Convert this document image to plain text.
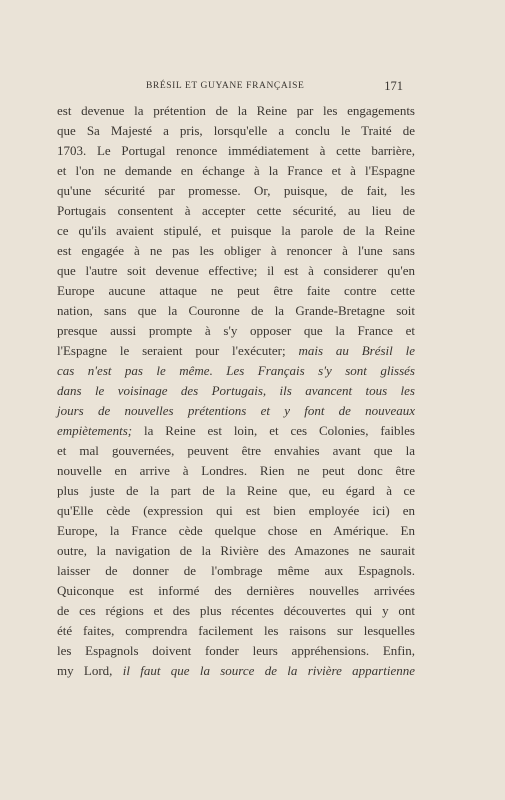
BRÉSIL ET GUYANE FRANÇAISE	171
est devenue la prétention de la Reine par les engagements
que Sa Majesté a pris, lorsqu'elle a conclu le Traité de
1703. Le Portugal renonce immédiatement à cette barrière,
et l'on ne demande en échange à la France et à l'Espagne
qu'une sécurité par promesse. Or, puisque, de fait, les
Portugais consentent à accepter cette sécurité, au lieu de
ce qu'ils avaient stipulé, et puisque la parole de la Reine
est engagée à ne pas les obliger à renoncer à l'une sans
que l'autre soit devenue effective; il est à considerer qu'en
Europe aucune attaque ne peut être faite contre cette
nation, sans que la Couronne de la Grande-Bretagne soit
presque aussi prompte à s'y opposer que la France et
l'Espagne le seraient pour l'exécuter; mais au Brésil le
cas n'est pas le même. Les Français s'y sont glissés
dans le voisinage des Portugais, ils avancent tous les
jours de nouvelles prétentions et y font de nouveaux
empiètements; la Reine est loin, et ces Colonies, faibles
et mal gouvernées, peuvent être envahies avant que la
nouvelle en arrive à Londres. Rien ne peut donc être
plus juste de la part de la Reine que, eu égard à ce
qu'Elle cède (expression qui est bien employée ici) en
Europe, la France cède quelque chose en Amérique. En
outre, la navigation de la Rivière des Amazones ne saurait
laisser de donner de l'ombrage même aux Espagnols.
Quiconque est informé des dernières nouvelles arrivées
de ces régions et des plus récentes découvertes qui y ont
été faites, comprendra facilement les raisons sur lesquelles
les Espagnols doivent fonder leurs appréhensions. Enfin,
my Lord, il faut que la source de la rivière appartienne
